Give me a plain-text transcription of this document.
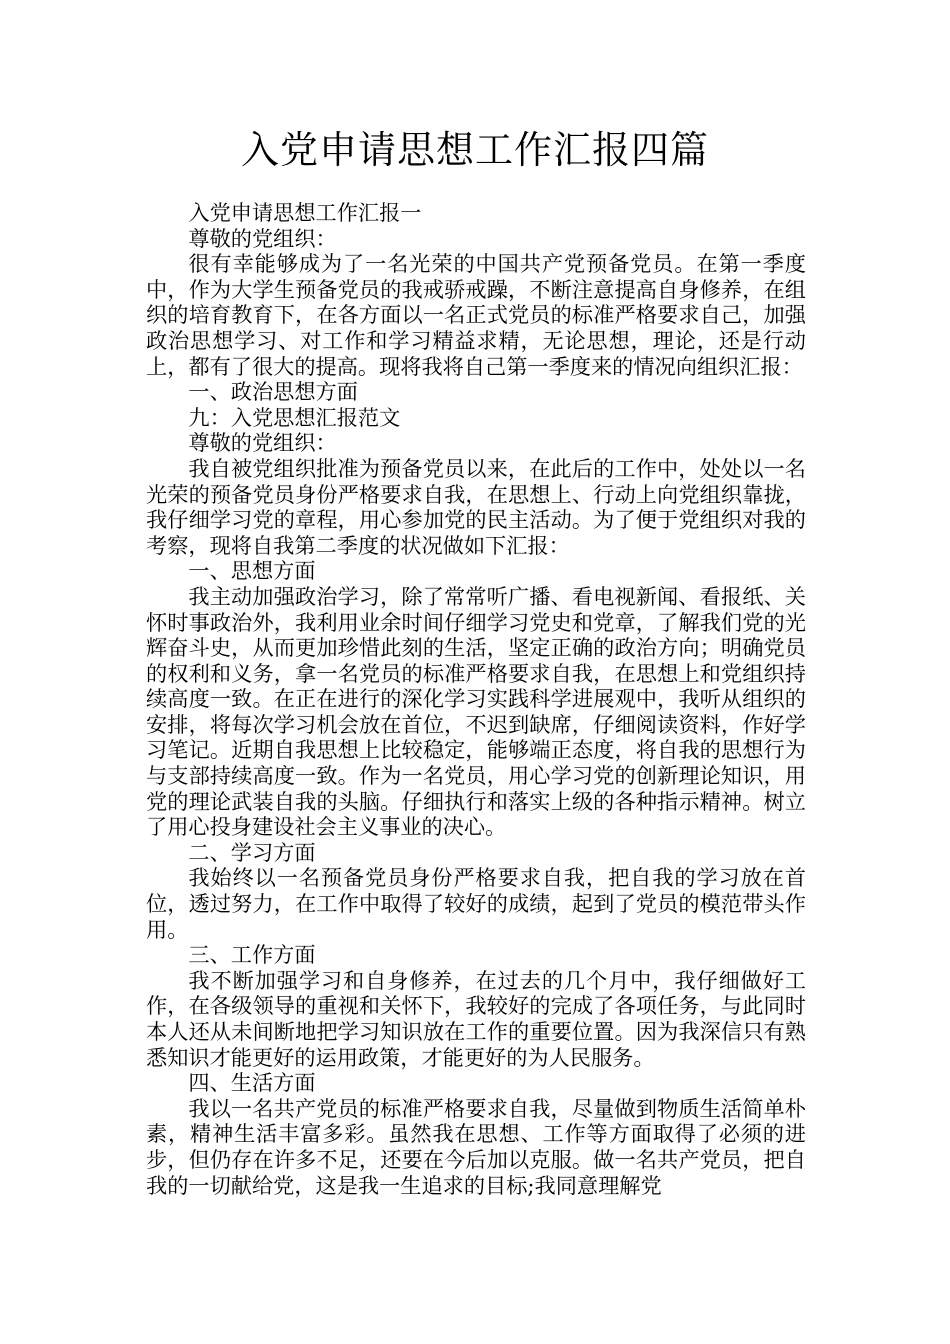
入党申请思想工作汇报四篇

入党申请思想工作汇报一

尊敬的党组织：

很有幸能够成为了一名光荣的中国共产党预备党员。在第一季度中，作为大学生预备党员的我戒骄戒躁，不断注意提高自身修养，在组织的培育教育下，在各方面以一名正式党员的标准严格要求自己，加强政治思想学习、对工作和学习精益求精，无论思想，理论，还是行动上，都有了很大的提高。现将我将自己第一季度来的情况向组织汇报：

一、政治思想方面

九：入党思想汇报范文

尊敬的党组织：

我自被党组织批准为预备党员以来，在此后的工作中，处处以一名光荣的预备党员身份严格要求自我，在思想上、行动上向党组织靠拢，我仔细学习党的章程，用心参加党的民主活动。为了便于党组织对我的考察，现将自我第二季度的状况做如下汇报：

一、思想方面

我主动加强政治学习，除了常常听广播、看电视新闻、看报纸、关怀时事政治外，我利用业余时间仔细学习党史和党章，了解我们党的光辉奋斗史，从而更加珍惜此刻的生活，坚定正确的政治方向；明确党员的权利和义务，拿一名党员的标准严格要求自我，在思想上和党组织持续高度一致。在正在进行的深化学习实践科学进展观中，我听从组织的安排，将每次学习机会放在首位，不迟到缺席，仔细阅读资料，作好学习笔记。近期自我思想上比较稳定，能够端正态度，将自我的思想行为与支部持续高度一致。作为一名党员，用心学习党的创新理论知识，用党的理论武装自我的头脑。仔细执行和落实上级的各种指示精神。树立了用心投身建设社会主义事业的决心。

二、学习方面

我始终以一名预备党员身份严格要求自我，把自我的学习放在首位，透过努力，在工作中取得了较好的成绩，起到了党员的模范带头作用。

三、工作方面

我不断加强学习和自身修养，在过去的几个月中，我仔细做好工作，在各级领导的重视和关怀下，我较好的完成了各项任务，与此同时本人还从未间断地把学习知识放在工作的重要位置。因为我深信只有熟悉知识才能更好的运用政策，才能更好的为人民服务。

四、生活方面

我以一名共产党员的标准严格要求自我，尽量做到物质生活简单朴素，精神生活丰富多彩。虽然我在思想、工作等方面取得了必须的进步，但仍存在许多不足，还要在今后加以克服。做一名共产党员，把自我的一切献给党，这是我一生追求的目标;我同意理解党
